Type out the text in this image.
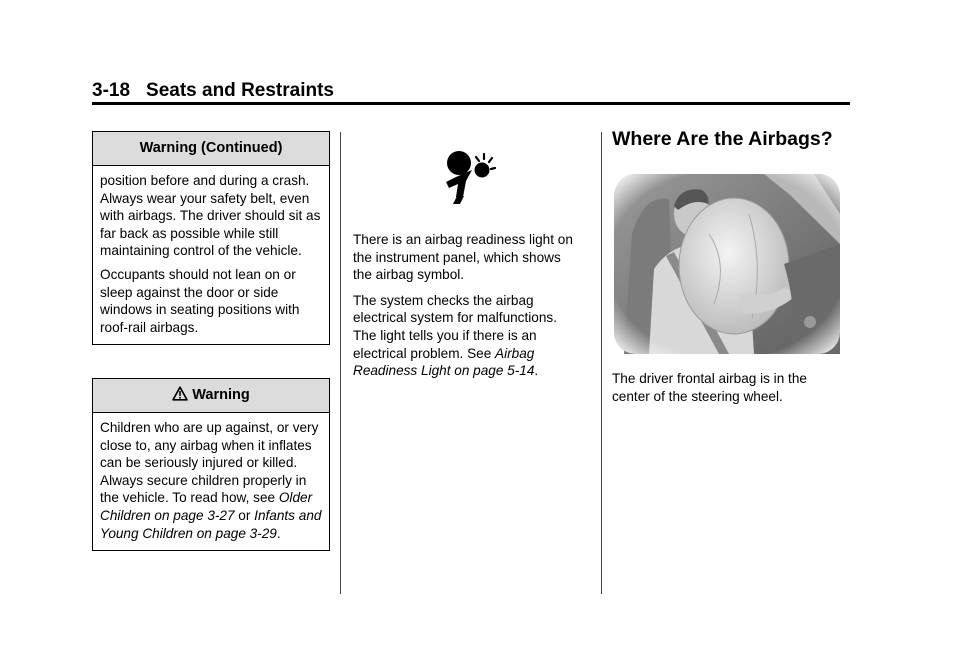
3-18 Seats and Restraints
Warning (Continued)

position before and during a crash. Always wear your safety belt, even with airbags. The driver should sit as far back as possible while still maintaining control of the vehicle.

Occupants should not lean on or sleep against the door or side windows in seating positions with roof-rail airbags.

Warning

Children who are up against, or very close to, any airbag when it inflates can be seriously injured or killed. Always secure children properly in the vehicle. To read how, see Older Children on page 3-27 or Infants and Young Children on page 3-29.

There is an airbag readiness light on the instrument panel, which shows the airbag symbol.

The system checks the airbag electrical system for malfunctions. The light tells you if there is an electrical problem. See Airbag Readiness Light on page 5-14.

Where Are the Airbags?

The driver frontal airbag is in the center of the steering wheel.
